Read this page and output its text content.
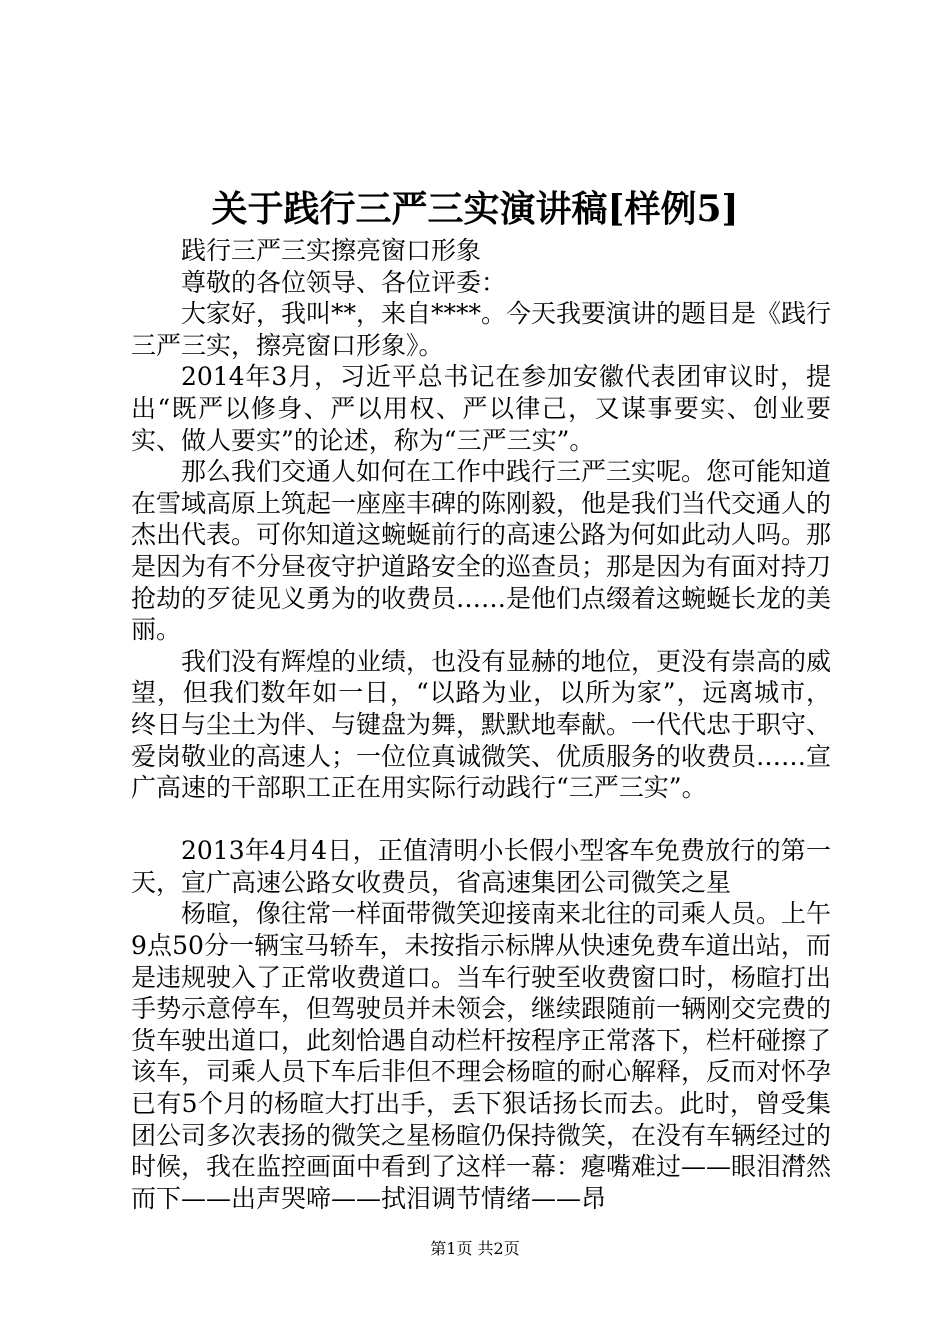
关于践行三严三实演讲稿[样例5]

践行三严三实擦亮窗口形象

尊敬的各位领导、各位评委：

大家好，我叫**，来自****。今天我要演讲的题目是《践行三严三实，擦亮窗口形象》。

2014年3月，习近平总书记在参加安徽代表团审议时，提出“既严以修身、严以用权、严以律己，又谋事要实、创业要实、做人要实”的论述，称为“三严三实”。

那么我们交通人如何在工作中践行三严三实呢。您可能知道在雪域高原上筑起一座座丰碑的陈刚毅，他是我们当代交通人的杰出代表。可你知道这蜿蜒前行的高速公路为何如此动人吗。那是因为有不分昼夜守护道路安全的巡查员；那是因为有面对持刀抢劫的歹徒见义勇为的收费员……是他们点缀着这蜿蜒长龙的美丽。

我们没有辉煌的业绩，也没有显赫的地位，更没有崇高的威望，但我们数年如一日，“以路为业，以所为家”，远离城市，终日与尘土为伴、与键盘为舞，默默地奉献。一代代忠于职守、爱岗敬业的高速人；一位位真诚微笑、优质服务的收费员……宣广高速的干部职工正在用实际行动践行“三严三实”。

2013年4月4日，正值清明小长假小型客车免费放行的第一天，宣广高速公路女收费员，省高速集团公司微笑之星

杨暄，像往常一样面带微笑迎接南来北往的司乘人员。上午9点50分一辆宝马轿车，未按指示标牌从快速免费车道出站，而是违规驶入了正常收费道口。当车行驶至收费窗口时，杨暄打出手势示意停车，但驾驶员并未领会，继续跟随前一辆刚交完费的货车驶出道口，此刻恰遇自动栏杆按程序正常落下，栏杆碰擦了该车，司乘人员下车后非但不理会杨暄的耐心解释，反而对怀孕已有5个月的杨暄大打出手，丢下狠话扬长而去。此时，曾受集团公司多次表扬的微笑之星杨暄仍保持微笑，在没有车辆经过的时候，我在监控画面中看到了这样一幕：瘪嘴难过——眼泪潸然而下——出声哭啼——拭泪调节情绪——昂

第1页 共2页
